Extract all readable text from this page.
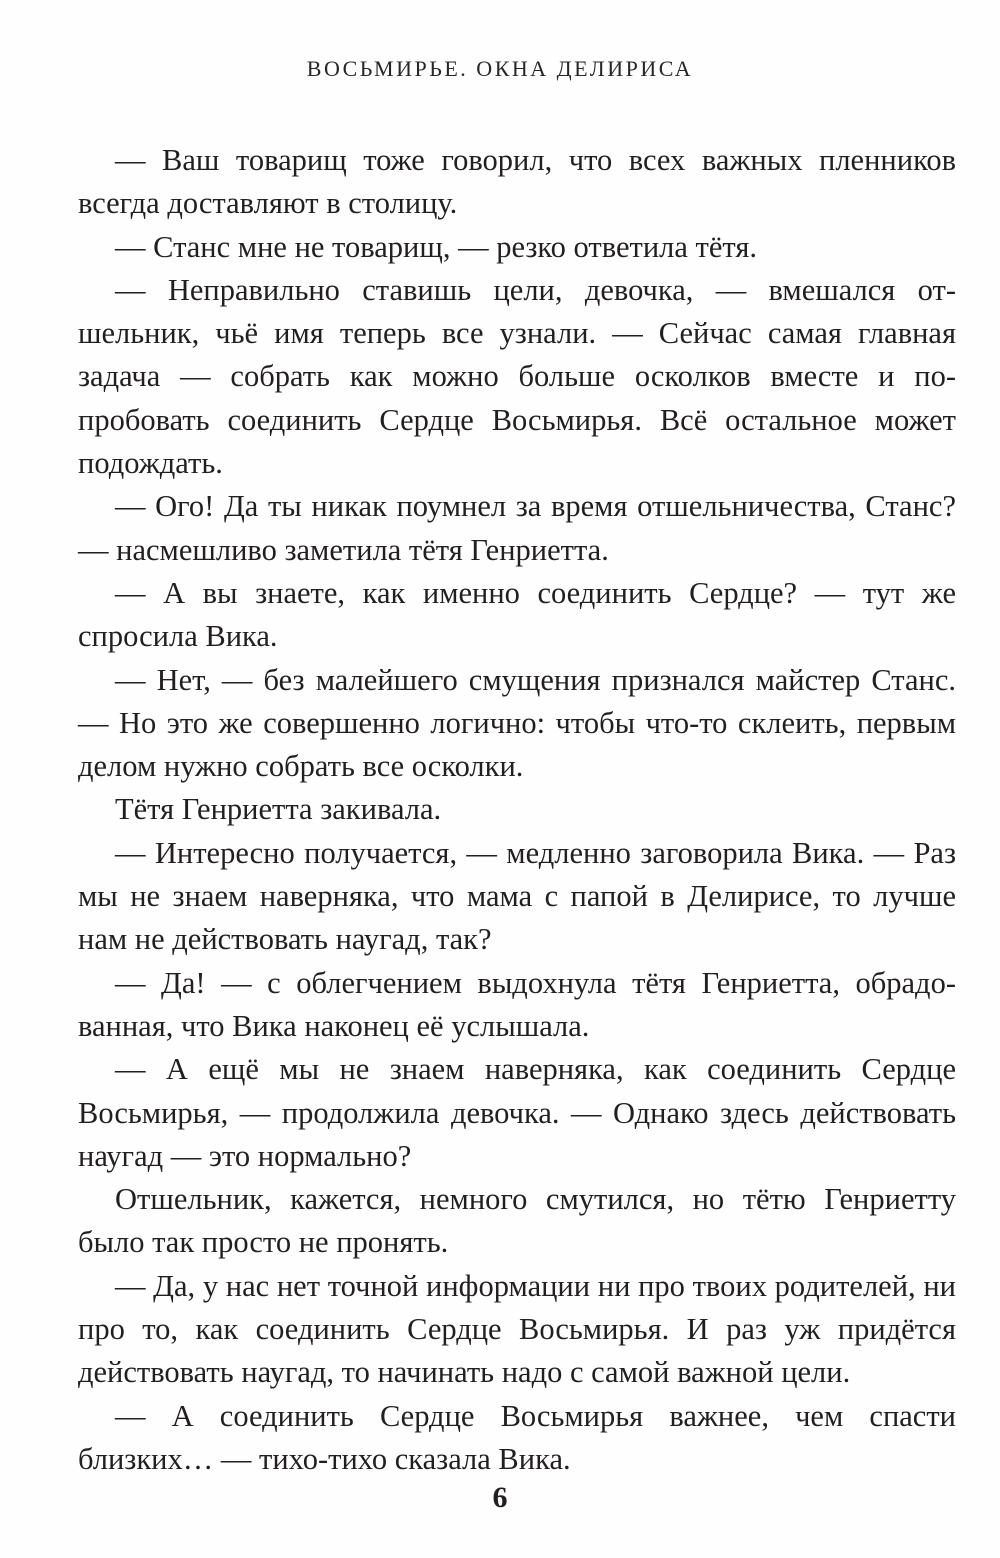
ВОСЬМИРЬЕ. ОКНА ДЕЛИРИСА

— Ваш товарищ тоже говорил, что всех важных пленников всегда доставляют в столицу.

— Станс мне не товарищ, — резко ответила тётя.

— Неправильно ставишь цели, девочка, — вмешался отшельник, чьё имя теперь все узнали. — Сейчас самая главная задача — собрать как можно больше осколков вместе и попробовать соединить Сердце Восьмирья. Всё остальное может подождать.

— Ого! Да ты никак поумнел за время отшельничества, Станс? — насмешливо заметила тётя Генриетта.

— А вы знаете, как именно соединить Сердце? — тут же спросила Вика.

— Нет, — без малейшего смущения признался майстер Станс. — Но это же совершенно логично: чтобы что-то склеить, первым делом нужно собрать все осколки.

Тётя Генриетта закивала.

— Интересно получается, — медленно заговорила Вика. — Раз мы не знаем наверняка, что мама с папой в Делирисе, то лучше нам не действовать наугад, так?

— Да! — с облегчением выдохнула тётя Генриетта, обрадованная, что Вика наконец её услышала.

— А ещё мы не знаем наверняка, как соединить Сердце Восьмирья, — продолжила девочка. — Однако здесь действовать наугад — это нормально?

Отшельник, кажется, немного смутился, но тётю Генриетту было так просто не пронять.

— Да, у нас нет точной информации ни про твоих родителей, ни про то, как соединить Сердце Восьмирья. И раз уж придётся действовать наугад, то начинать надо с самой важной цели.

— А соединить Сердце Восьмирья важнее, чем спасти близких… — тихо-тихо сказала Вика.

6
